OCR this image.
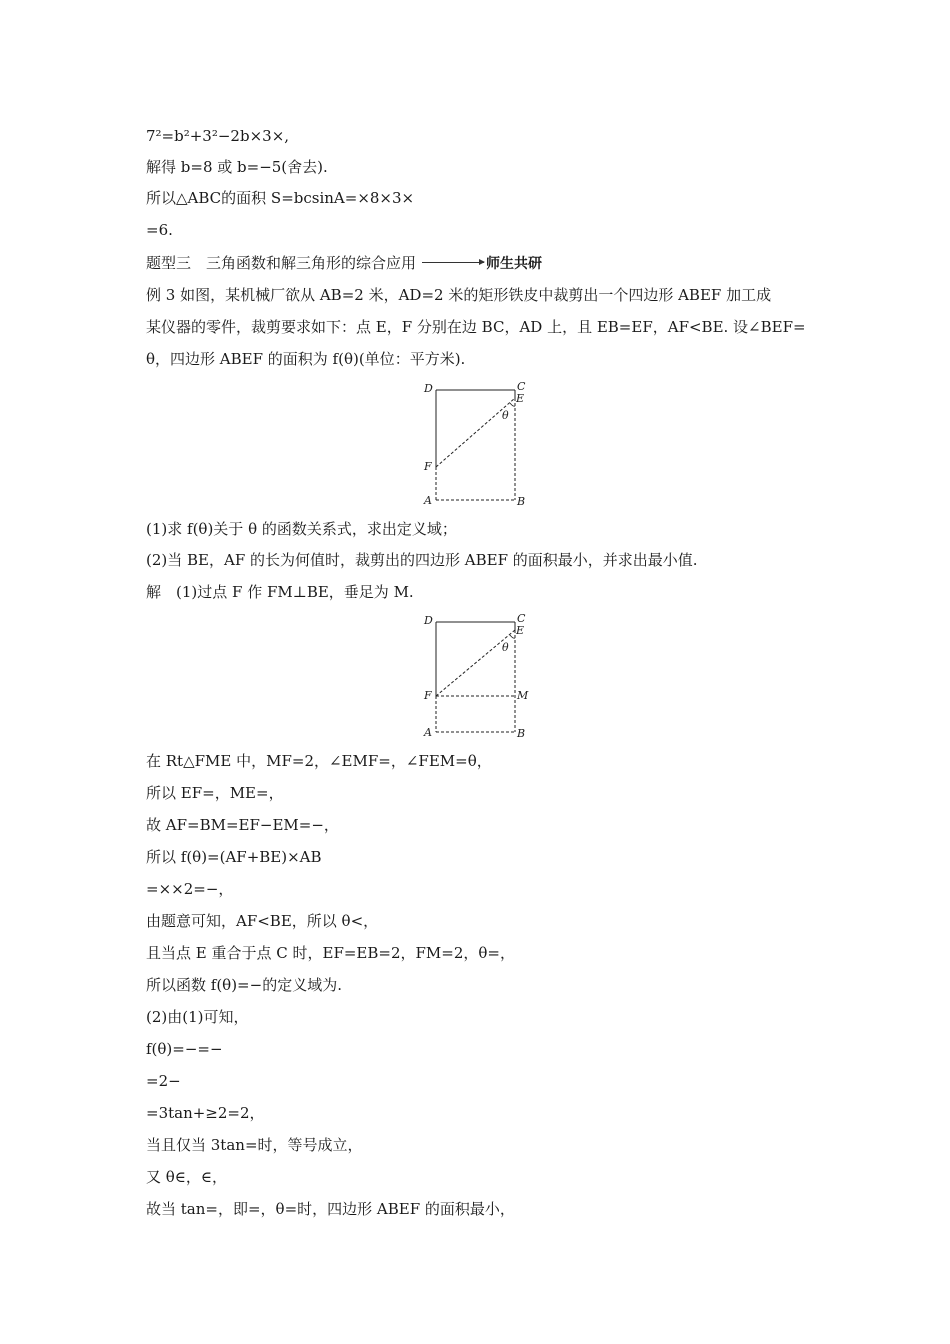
7²=b²+3²−2b×3×,
解得 b=8 或 b=−5(舍去).
所以△ABC的面积 S=bcsinA=×8×3×
=6.
题型三　三角函数和解三角形的综合应用	师生共研
例 3 如图，某机械厂欲从 AB=2 米，AD=2 米的矩形铁皮中裁剪出一个四边形 ABEF 加工成
某仪器的零件，裁剪要求如下：点 E，F 分别在边 BC，AD 上，且 EB=EF，AF<BE. 设∠BEF=
θ，四边形 ABEF 的面积为 f(θ)(单位：平方米).
D	C
E
θ
F
A	B
(1)求 f(θ)关于 θ 的函数关系式，求出定义域；
(2)当 BE，AF 的长为何值时，裁剪出的四边形 ABEF 的面积最小，并求出最小值.
解　(1)过点 F 作 FM⊥BE，垂足为 M.
D	C
E
θ
F	M
A	B
在 Rt△FME 中，MF=2，∠EMF=，∠FEM=θ，
所以 EF=，ME=，
故 AF=BM=EF−EM=−，
所以 f(θ)=(AF+BE)×AB
=××2=−，
由题意可知，AF<BE，所以 θ<，
且当点 E 重合于点 C 时，EF=EB=2，FM=2，θ=，
所以函数 f(θ)=−的定义域为.
(2)由(1)可知，
f(θ)=−=−
=2−
=3tan+≥2=2，
当且仅当 3tan=时，等号成立，
又 θ∈，∈，
故当 tan=，即=，θ=时，四边形 ABEF 的面积最小，
